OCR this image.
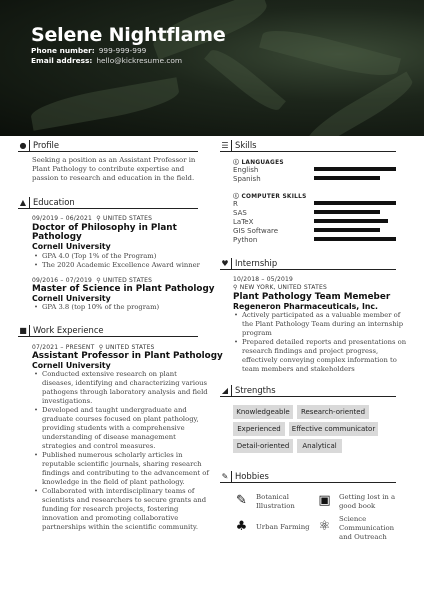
Selene Nightflame
Phone number: 999-999-999
Email address: hello@kickresume.com
● Profile
Seeking a position as an Assistant Professor in
Plant Pathology to contribute expertise and
passion to research and education in the field.
▲ Education
09/2019 – 06/2021 ⚲ UNITED STATES
Doctor of Philosophy in Plant
Pathology
Cornell University
• GPA 4.0 (Top 1% of the Program)
• The 2020 Academic Excellence Award winner
09/2016 – 07/2019 ⚲ UNITED STATES
Master of Science in Plant Pathology
Cornell University
• GPA 3.8 (top 10% of the program)
■ Work Experience
07/2021 – PRESENT ⚲ UNITED STATES
Assistant Professor in Plant Pathology
Cornell University
• Conducted extensive research on plant
diseases, identifying and characterizing various
pathogens through laboratory analysis and field
investigations.
• Developed and taught undergraduate and
graduate courses focused on plant pathology,
providing students with a comprehensive
understanding of disease management
strategies and control measures.
• Published numerous scholarly articles in
reputable scientific journals, sharing research
findings and contributing to the advancement of
knowledge in the field of plant pathology.
• Collaborated with interdisciplinary teams of
scientists and researchers to secure grants and
funding for research projects, fostering
innovation and promoting collaborative
partnerships within the scientific community.
☰ Skills
ⓘ LANGUAGES
English
Spanish
ⓘ COMPUTER SKILLS
R
SAS
LaTeX
GIS Software
Python
♥ Internship
10/2018 – 05/2019
⚲ NEW YORK, UNITED STATES
Plant Pathology Team Memeber
Regeneron Pharmaceuticals, Inc.
• Actively participated as a valuable member of
the Plant Pathology Team during an internship
program
• Prepared detailed reports and presentations on
research findings and project progress,
effectively conveying complex information to
team members and stakeholders
◢ Strengths
Knowledgeable	Research-oriented
Experienced	Effective communicator
Detail-oriented	Analytical
✎ Hobbies
✎ Botanical
Illustration ▣ Getting lost in a
good book
♣ Urban Farming ⚛ Science
Communication
and Outreach
